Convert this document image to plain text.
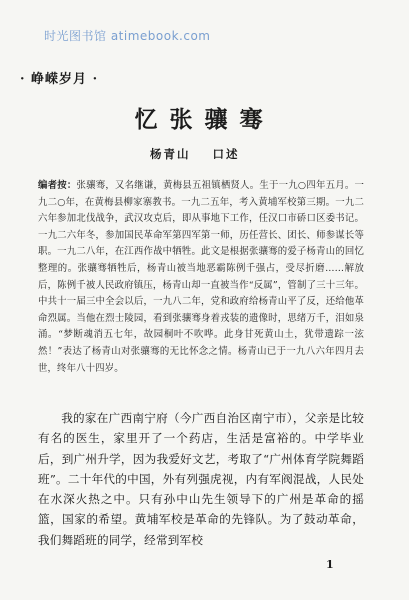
时光图书馆 atimebook.com
· 峥嵘岁月 ·
忆张骧骞
杨青山 口述
编者按：张骧骞，又名继谦，黄梅县五祖镇栖贤人。生于一九○四年五月。一九二○年，在黄梅县柳家寨教书。一九二五年，考入黄埔军校第三期。一九二六年参加北伐战争，武汉攻克后，即从事地下工作，任汉口市硚口区委书记。一九二六年冬，参加国民革命军第四军第一师，历任营长、团长、师参谋长等职。一九二八年，在江西作战中牺牲。此文是根据张骧骞的爱子杨青山的回忆整理的。张骧骞牺牲后，杨青山被当地恶霸陈例千强占，受尽折磨……解放后，陈例千被人民政府镇压，杨青山却一直被当作“反属”，管制了三十三年。中共十一届三中全会以后，一九八二年，党和政府给杨青山平了反，还给他革命烈属。当他在烈士陵园，看到张骧骞身着戎装的遗像时，思绪万千，泪如泉涌。“梦断魂消五七年，故园桐叶不吹哗。此身甘死黄山土，犹带遗踪一泫然！”表达了杨青山对张骧骞的无比怀念之情。杨青山已于一九八六年四月去世，终年八十四岁。

我的家在广西南宁府（今广西自治区南宁市），父亲是比较有名的医生，家里开了一个药店，生活是富裕的。中学毕业后，到广州升学，因为我爱好文艺，考取了“广州体育学院舞蹈班”。二十年代的中国，外有列强虎视，内有军阀混战，人民处在水深火热之中。只有孙中山先生领导下的广州是革命的摇篮，国家的希望。黄埔军校是革命的先锋队。为了鼓动革命，我们舞蹈班的同学，经常到军校

1
